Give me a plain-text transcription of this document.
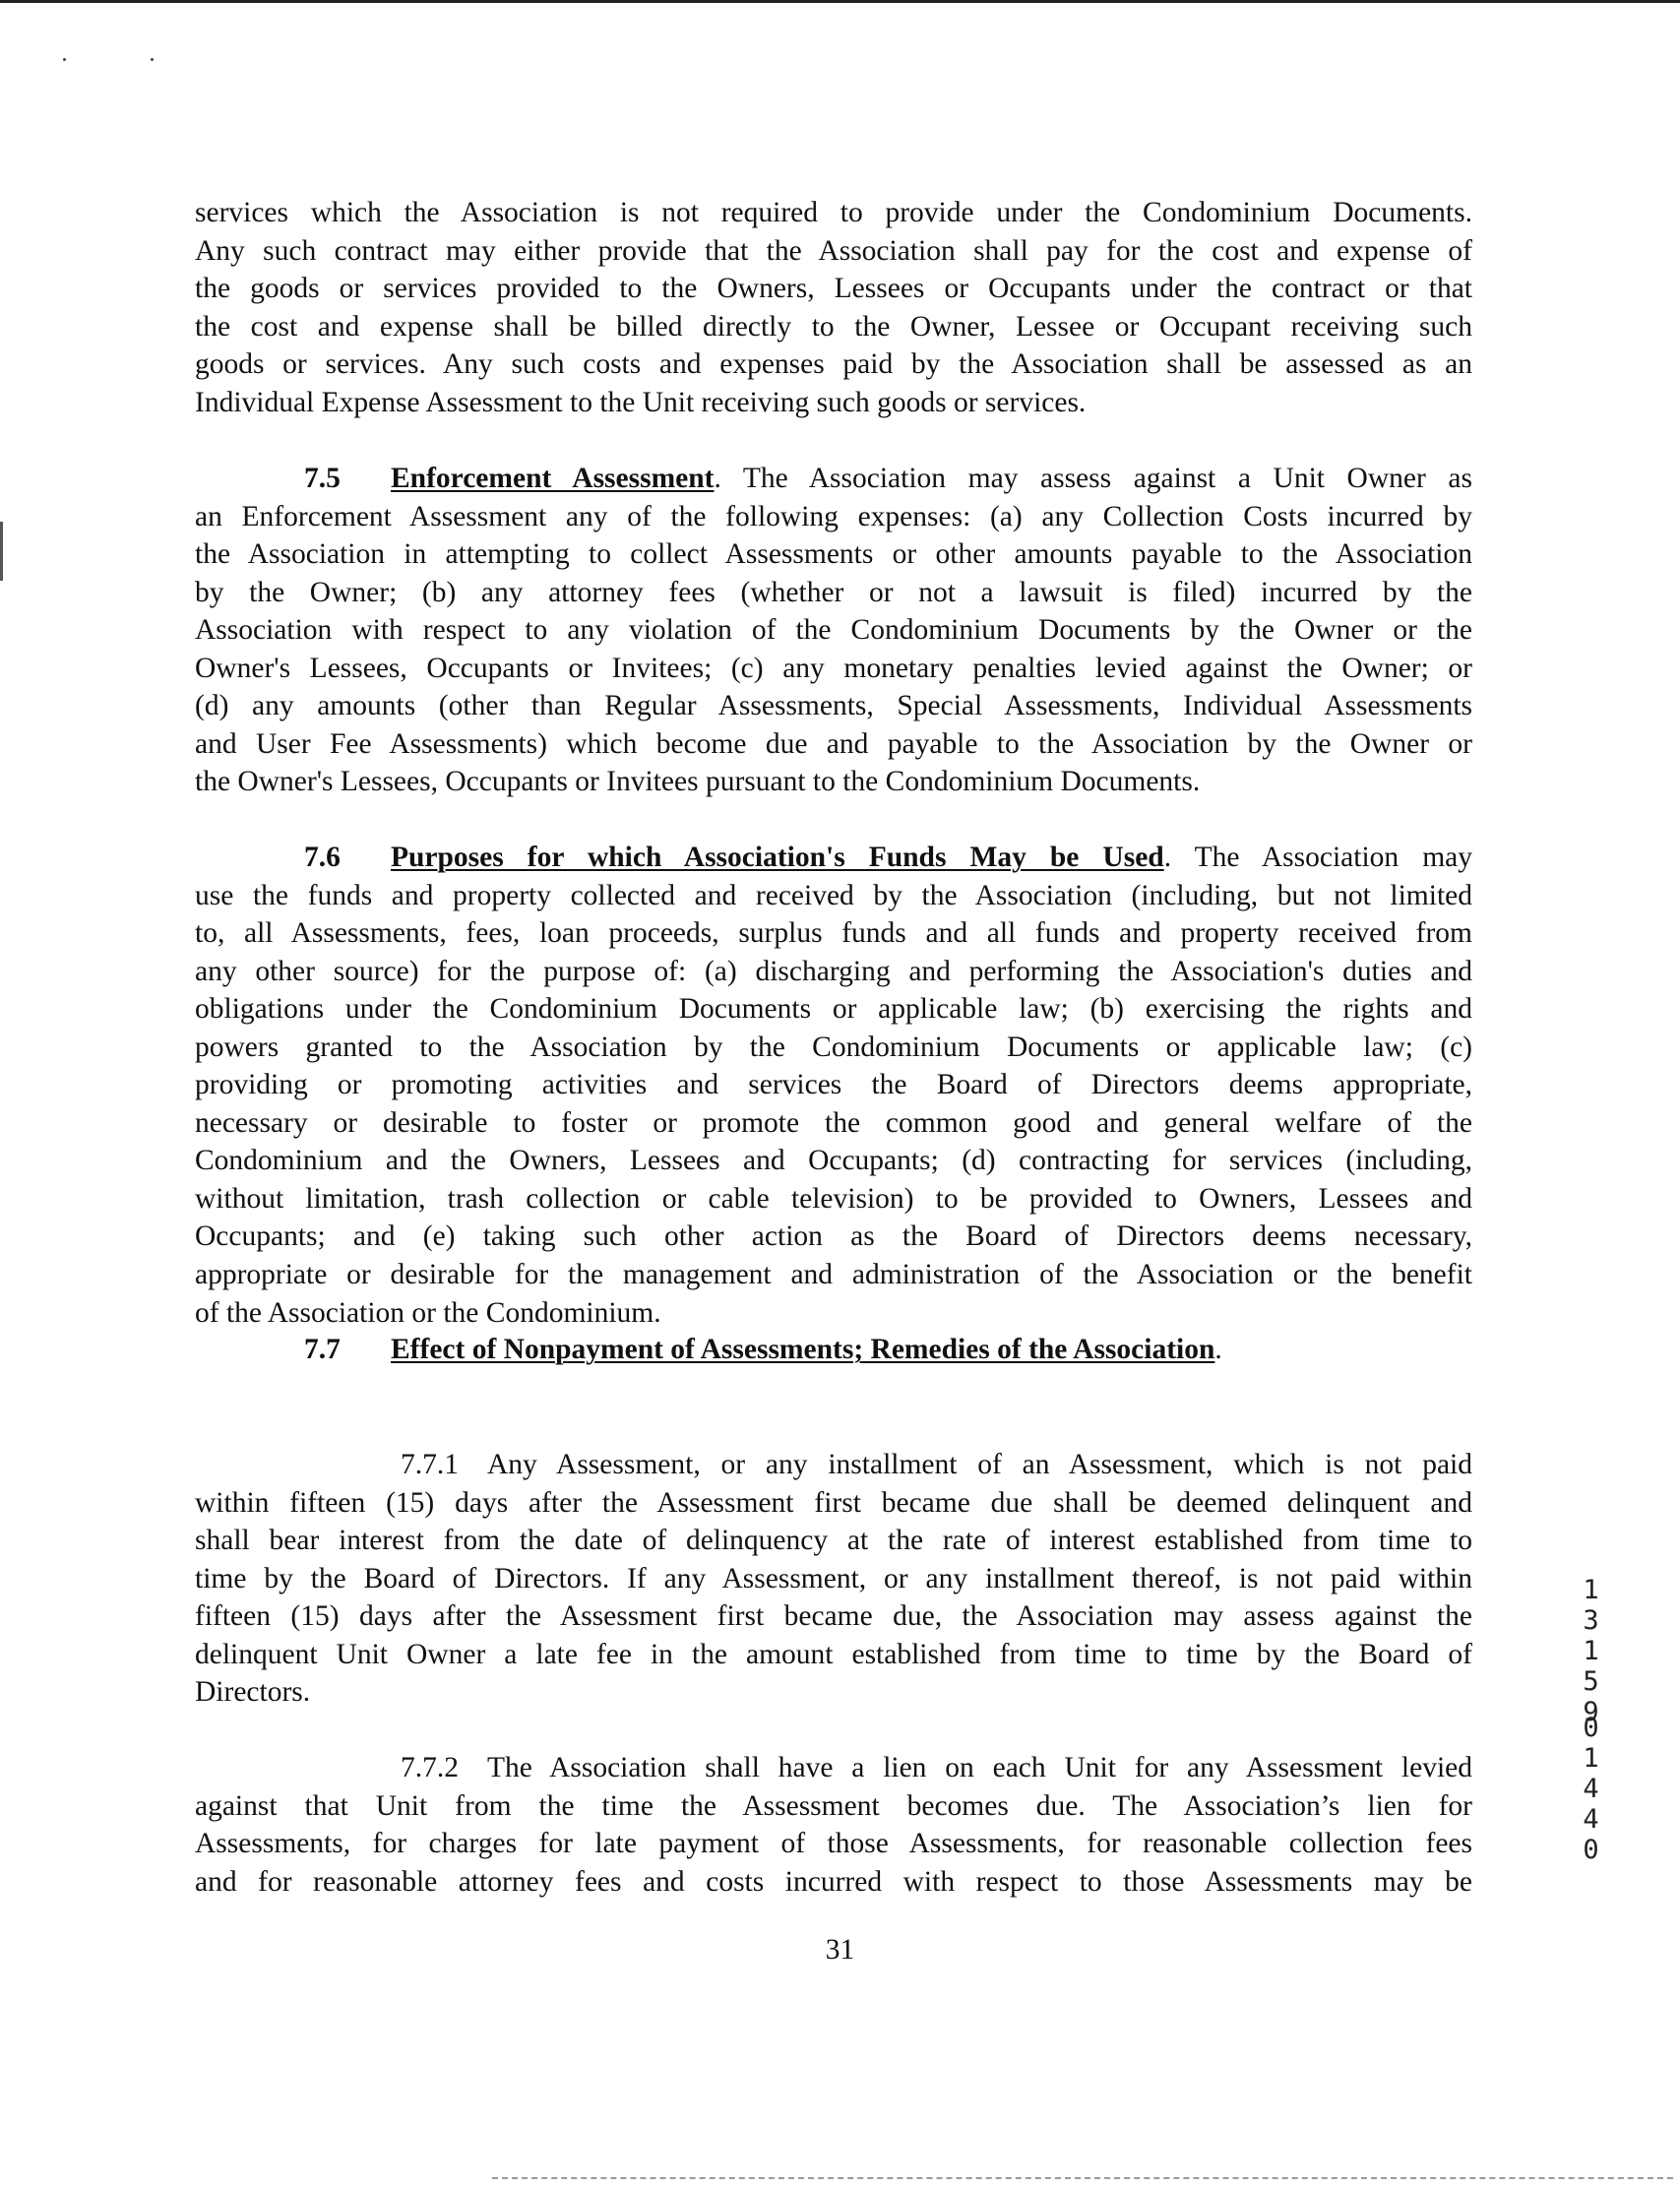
services which the Association is not required to provide under the Condominium Documents.
Any such contract may either provide that the Association shall pay for the cost and expense of
the goods or services provided to the Owners, Lessees or Occupants under the contract or that
the cost and expense shall be billed directly to the Owner, Lessee or Occupant receiving such
goods or services. Any such costs and expenses paid by the Association shall be assessed as an
Individual Expense Assessment to the Unit receiving such goods or services.
7.5 Enforcement Assessment. The Association may assess against a Unit Owner as
an Enforcement Assessment any of the following expenses: (a) any Collection Costs incurred by
the Association in attempting to collect Assessments or other amounts payable to the Association
by the Owner; (b) any attorney fees (whether or not a lawsuit is filed) incurred by the
Association with respect to any violation of the Condominium Documents by the Owner or the
Owner's Lessees, Occupants or Invitees; (c) any monetary penalties levied against the Owner; or
(d) any amounts (other than Regular Assessments, Special Assessments, Individual Assessments
and User Fee Assessments) which become due and payable to the Association by the Owner or
the Owner's Lessees, Occupants or Invitees pursuant to the Condominium Documents.
7.6 Purposes for which Association's Funds May be Used. The Association may
use the funds and property collected and received by the Association (including, but not limited
to, all Assessments, fees, loan proceeds, surplus funds and all funds and property received from
any other source) for the purpose of: (a) discharging and performing the Association's duties and
obligations under the Condominium Documents or applicable law; (b) exercising the rights and
powers granted to the Association by the Condominium Documents or applicable law; (c)
providing or promoting activities and services the Board of Directors deems appropriate,
necessary or desirable to foster or promote the common good and general welfare of the
Condominium and the Owners, Lessees and Occupants; (d) contracting for services (including,
without limitation, trash collection or cable television) to be provided to Owners, Lessees and
Occupants; and (e) taking such other action as the Board of Directors deems necessary,
appropriate or desirable for the management and administration of the Association or the benefit
of the Association or the Condominium.
7.7 Effect of Nonpayment of Assessments; Remedies of the Association.
7.7.1 Any Assessment, or any installment of an Assessment, which is not paid
within fifteen (15) days after the Assessment first became due shall be deemed delinquent and
shall bear interest from the date of delinquency at the rate of interest established from time to
time by the Board of Directors. If any Assessment, or any installment thereof, is not paid within
fifteen (15) days after the Assessment first became due, the Association may assess against the
delinquent Unit Owner a late fee in the amount established from time to time by the Board of
Directors.
7.7.2 The Association shall have a lien on each Unit for any Assessment levied
against that Unit from the time the Assessment becomes due. The Association’s lien for
Assessments, for charges for late payment of those Assessments, for reasonable collection fees
and for reasonable attorney fees and costs incurred with respect to those Assessments may be
31
13159
01440
